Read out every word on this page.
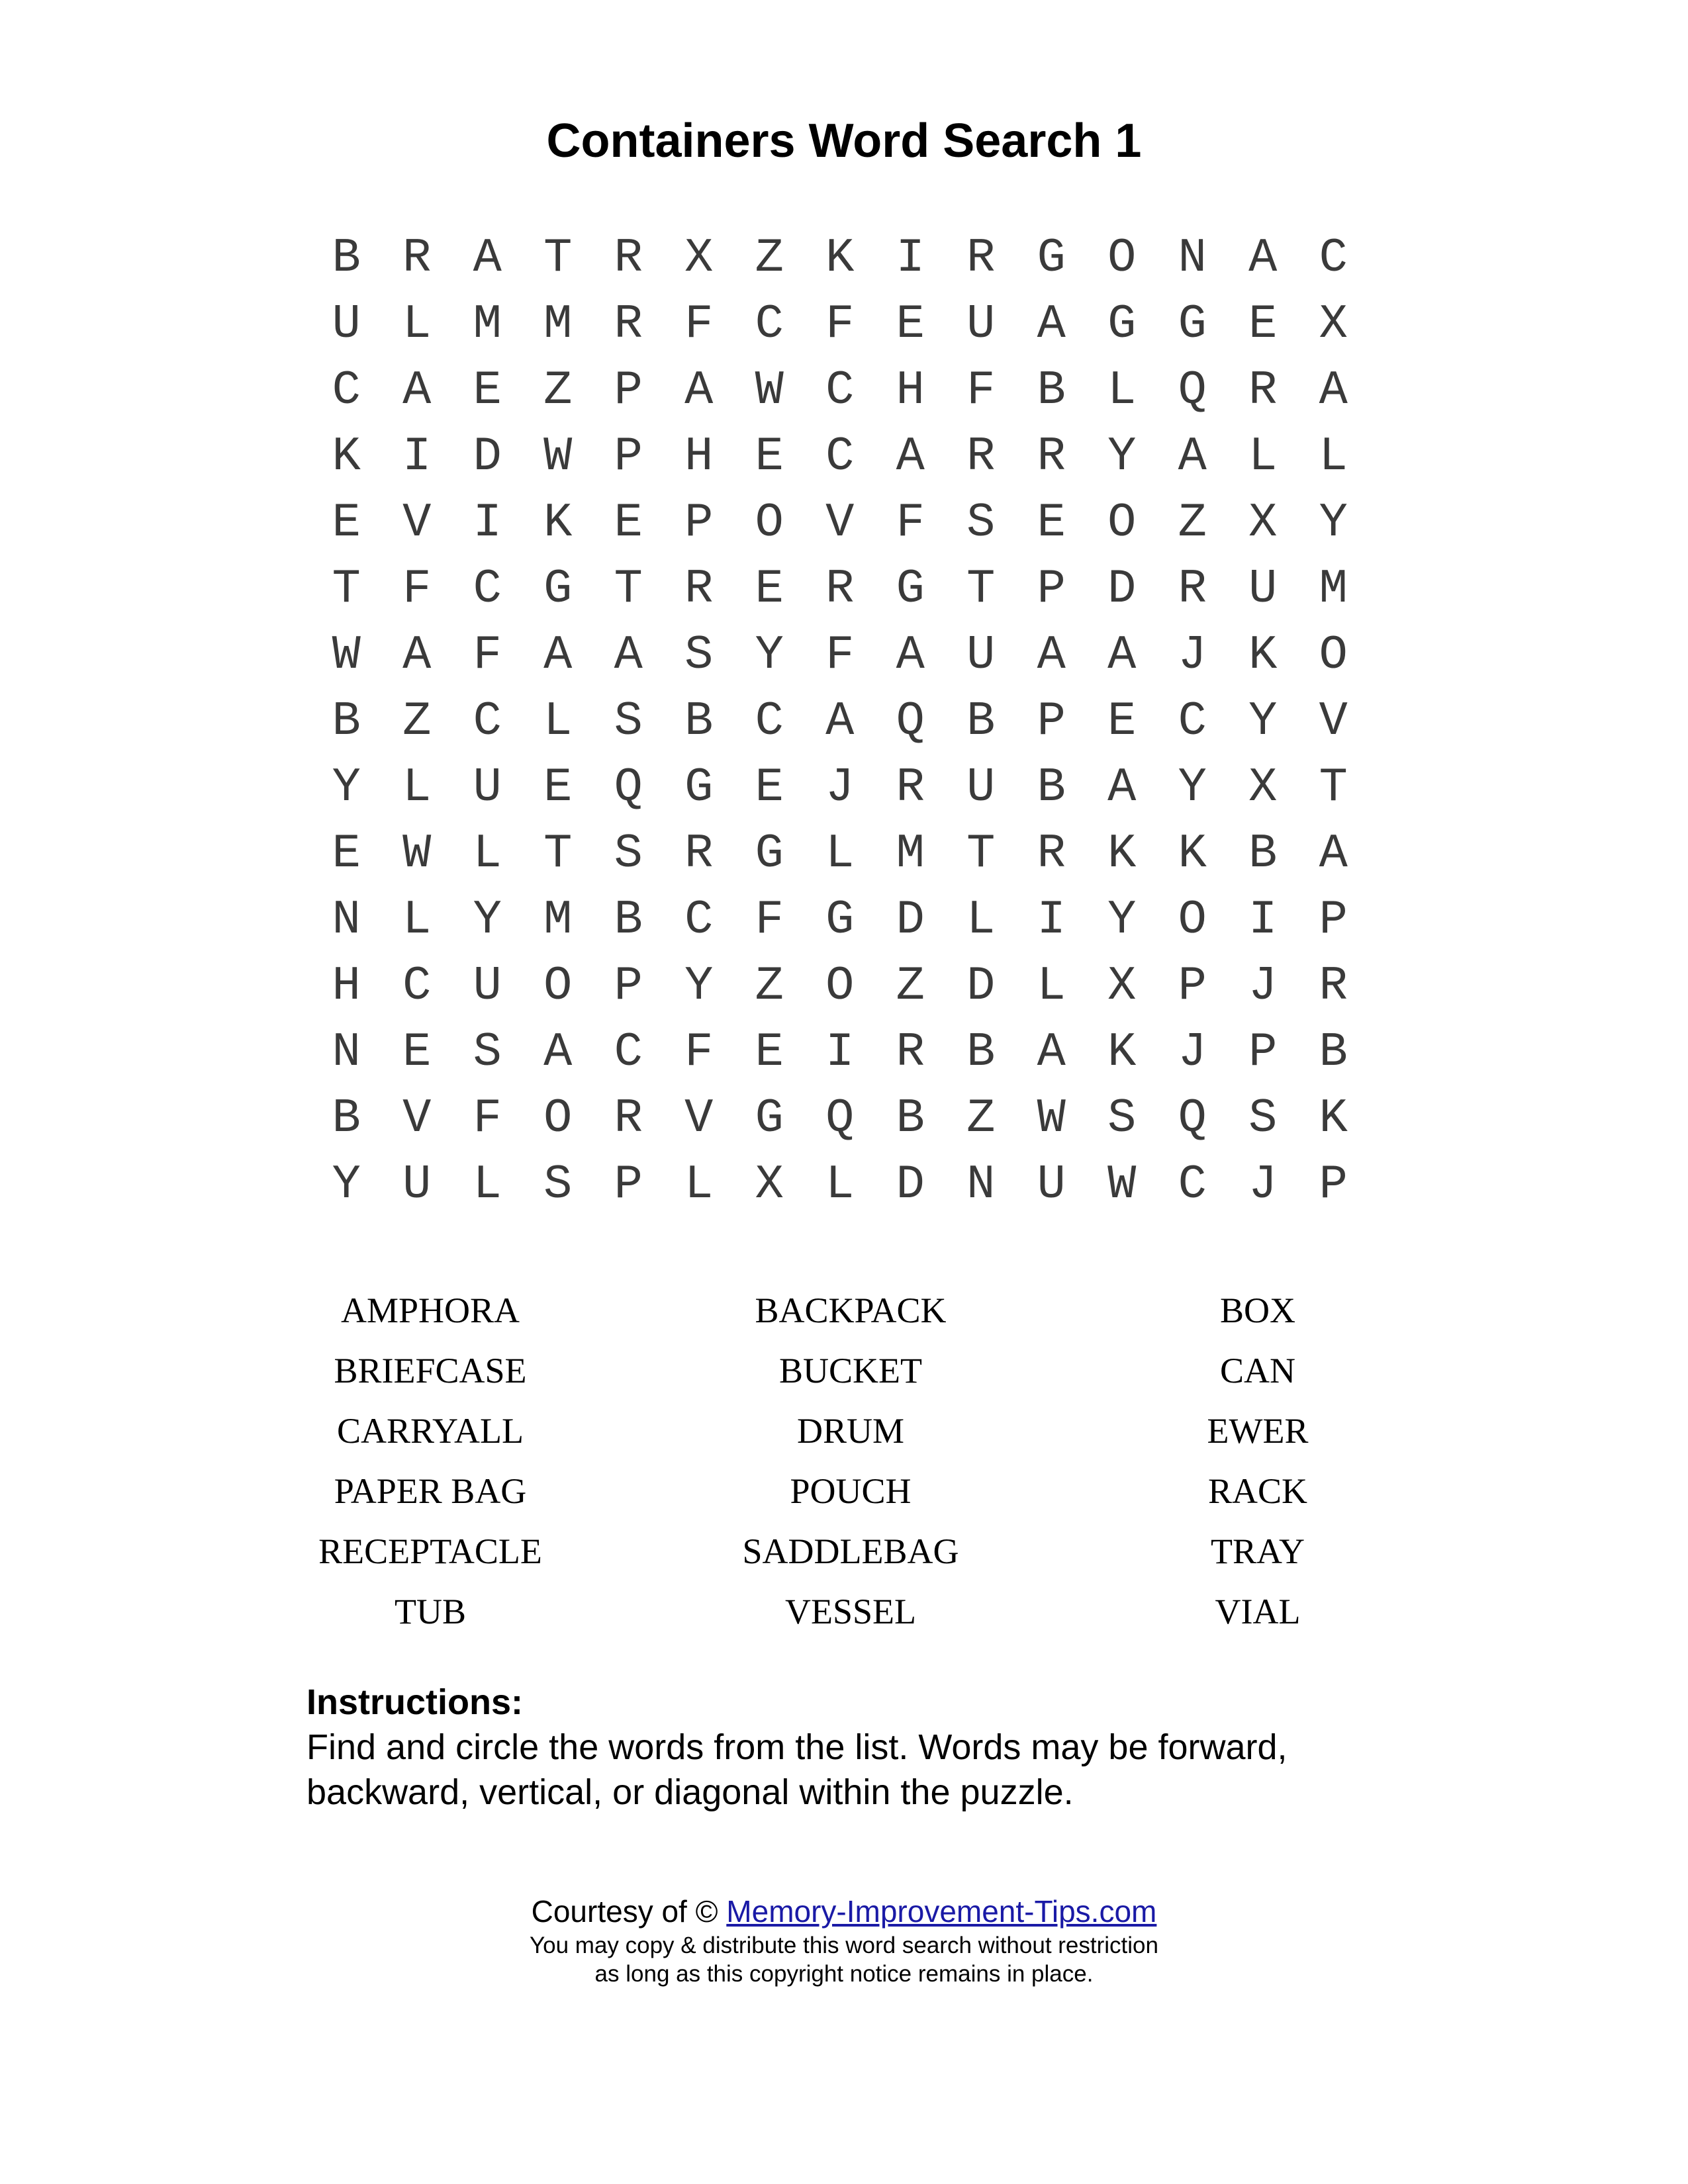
Containers Word Search 1
B R A T R X Z K I R G O N A C
U L M M R F C F E U A G G E X
C A E Z P A W C H F B L Q R A
K I D W P H E C A R R Y A L L
E V I K E P O V F S E O Z X Y
T F C G T R E R G T P D R U M
W A F A A S Y F A U A A J K O
B Z C L S B C A Q B P E C Y V
Y L U E Q G E J R U B A Y X T
E W L T S R G L M T R K K B A
N L Y M B C F G D L I Y O I P
H C U O P Y Z O Z D L X P J R
N E S A C F E I R B A K J P B
B V F O R V G Q B Z W S Q S K
Y U L S P L X L D N U W C J P
AMPHORA	BACKPACK	BOX
BRIEFCASE	BUCKET	CAN
CARRYALL	DRUM	EWER
PAPER BAG	POUCH	RACK
RECEPTACLE	SADDLEBAG	TRAY
TUB	VESSEL	VIAL
Instructions:
Find and circle the words from the list. Words may be forward, backward, vertical, or diagonal within the puzzle.
Courtesy of © Memory-Improvement-Tips.com
You may copy & distribute this word search without restriction
as long as this copyright notice remains in place.
